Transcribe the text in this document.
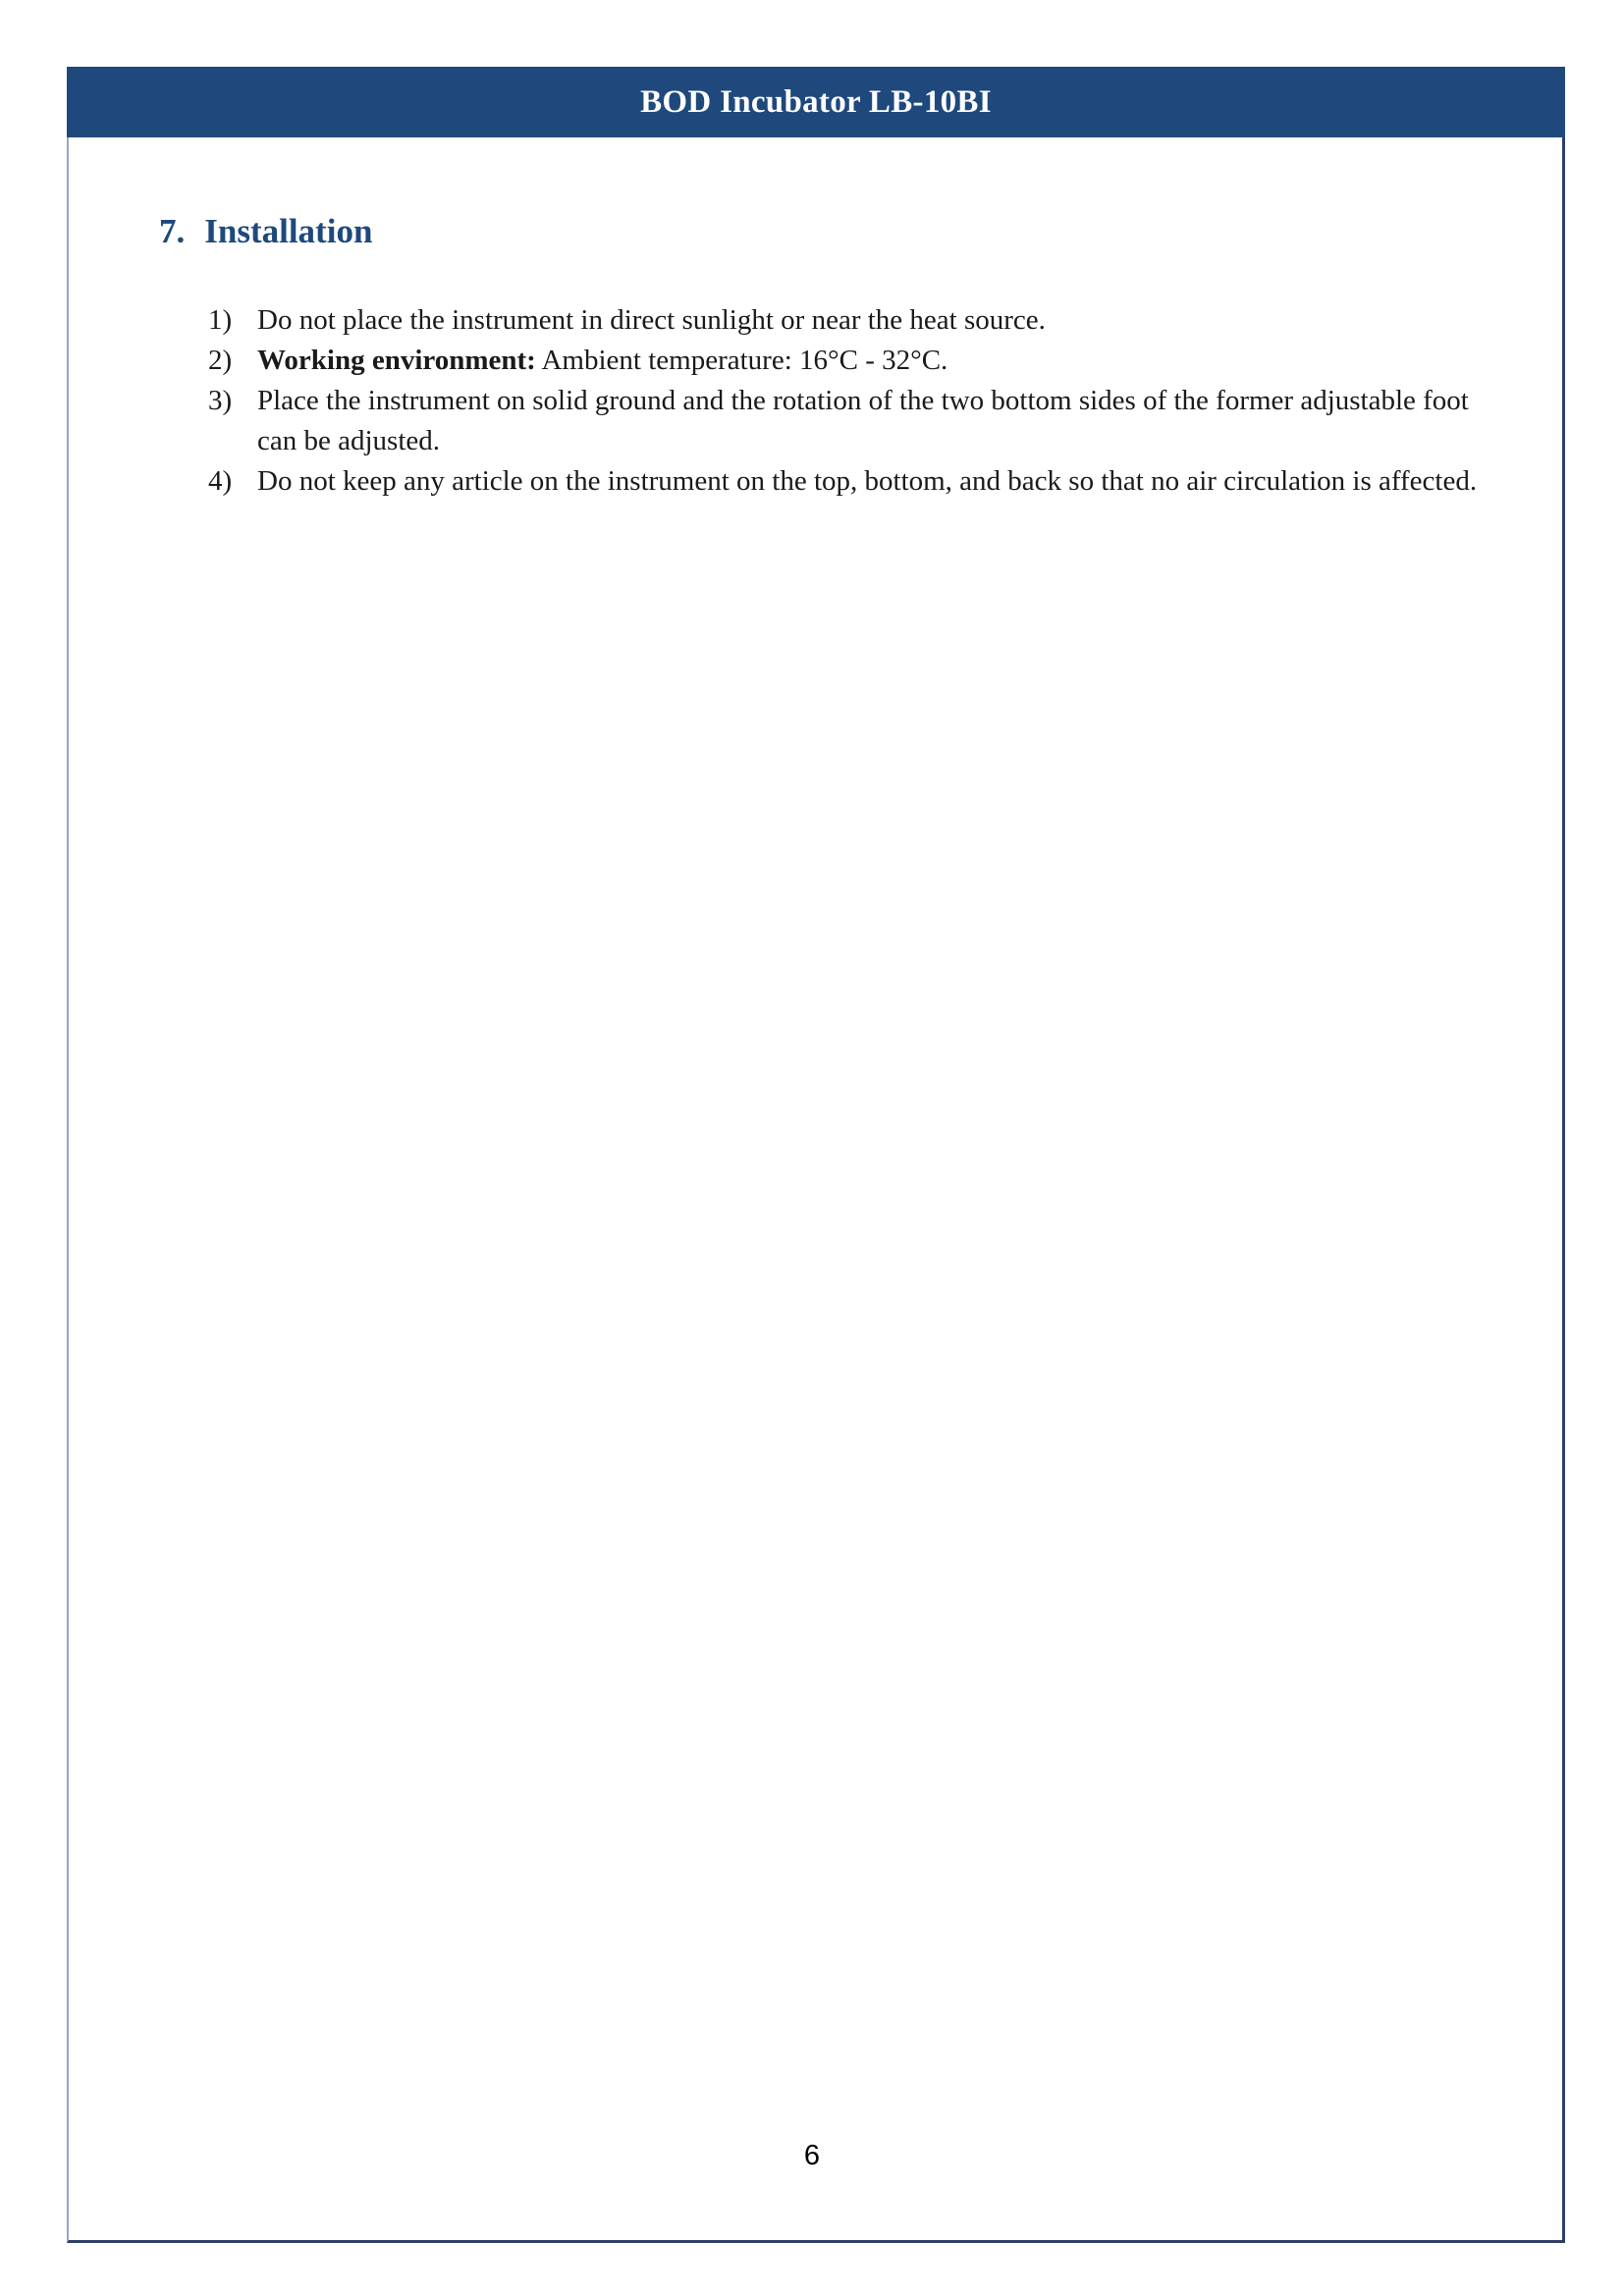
BOD Incubator LB-10BI
7. Installation
1) Do not place the instrument in direct sunlight or near the heat source.
2) Working environment: Ambient temperature: 16°C - 32°C.
3) Place the instrument on solid ground and the rotation of the two bottom sides of the former adjustable foot can be adjusted.
4) Do not keep any article on the instrument on the top, bottom, and back so that no air circulation is affected.
6
